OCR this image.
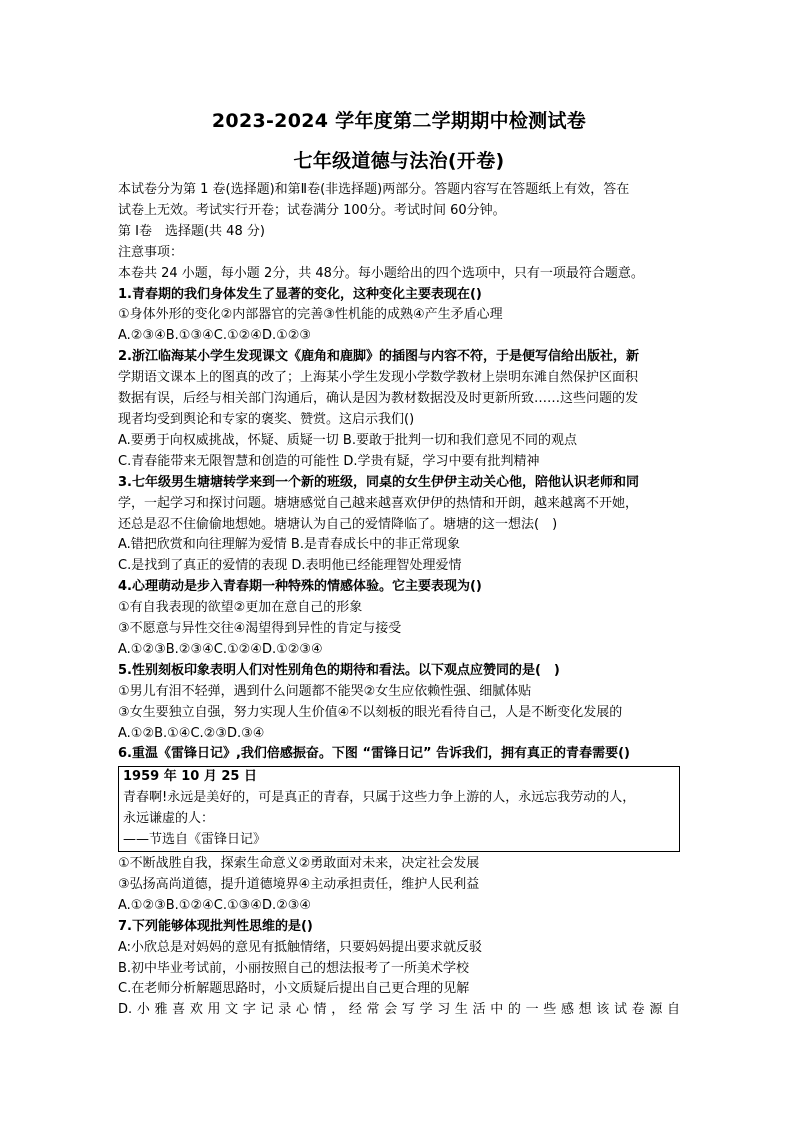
2023-2024 学年度第二学期期中检测试卷
七年级道德与法治(开卷)
本试卷分为第 1 卷(选择题)和第Ⅱ卷(非选择题)两部分。答题内容写在答题纸上有效，答在
试卷上无效。考试实行开卷；试卷满分 100分。考试时间 60分钟。
第 Ⅰ卷　选择题(共 48 分)
注意事项：
本卷共 24 小题，每小题 2分，共 48分。每小题给出的四个选项中，只有一项最符合题意。
1.青春期的我们身体发生了显著的变化，这种变化主要表现在()
①身体外形的变化②内部器官的完善③性机能的成熟④产生矛盾心理
A.②③④B.①③④C.①②④D.①②③
2.浙江临海某小学生发现课文《鹿角和鹿脚》的插图与内容不符，于是便写信给出版社，新
学期语文课本上的图真的改了；上海某小学生发现小学数学教材上崇明东滩自然保护区面积
数据有误，后经与相关部门沟通后，确认是因为教材数据没及时更新所致……这些问题的发
现者均受到舆论和专家的褒奖、赞赏。这启示我们()
A.要勇于向权威挑战，怀疑、质疑一切 B.要敢于批判一切和我们意见不同的观点
C.青春能带来无限智慧和创造的可能性 D.学贵有疑，学习中要有批判精神
3.七年级男生塘塘转学来到一个新的班级，同桌的女生伊伊主动关心他，陪他认识老师和同
学，一起学习和探讨问题。塘塘感觉自己越来越喜欢伊伊的热情和开朗，越来越离不开她，
还总是忍不住偷偷地想她。塘塘认为自己的爱情降临了。塘塘的这一想法(　)
A.错把欣赏和向往理解为爱情 B.是青春成长中的非正常现象
C.是找到了真正的爱情的表现 D.表明他已经能理智处理爱情
4.心理萌动是步入青春期一种特殊的情感体验。它主要表现为()
①有自我表现的欲望②更加在意自己的形象
③不愿意与异性交往④渴望得到异性的肯定与接受
A.①②③B.②③④C.①②④D.①②③④
5.性别刻板印象表明人们对性别角色的期待和看法。以下观点应赞同的是(　)
①男儿有泪不轻弹，遇到什么问题都不能哭②女生应依赖性强、细腻体贴
③女生要独立自强，努力实现人生价值④不以刻板的眼光看待自己，人是不断变化发展的
A.①②B.①④C.②③D.③④
6.重温《雷锋日记》,我们倍感振奋。下图 “雷锋日记” 告诉我们，拥有真正的青春需要()
1959 年 10 月 25 日
青春啊!永远是美好的，可是真正的青春，只属于这些力争上游的人，永远忘我劳动的人，
永远谦虚的人：
——节选自《雷锋日记》
①不断战胜自我，探索生命意义②勇敢面对未来，决定社会发展
③弘扬高尚道德，提升道德境界④主动承担责任，维护人民利益
A.①②③B.①②④C.①③④D.②③④
7.下列能够体现批判性思维的是()
A:小欣总是对妈妈的意见有抵触情绪，只要妈妈提出要求就反驳
B.初中毕业考试前，小丽按照自己的想法报考了一所美术学校
C.在老师分析解题思路时，小文质疑后提出自己更合理的见解
D.小雅喜欢用文字记录心情，经常会写学习生活中的一些感想该试卷源自
